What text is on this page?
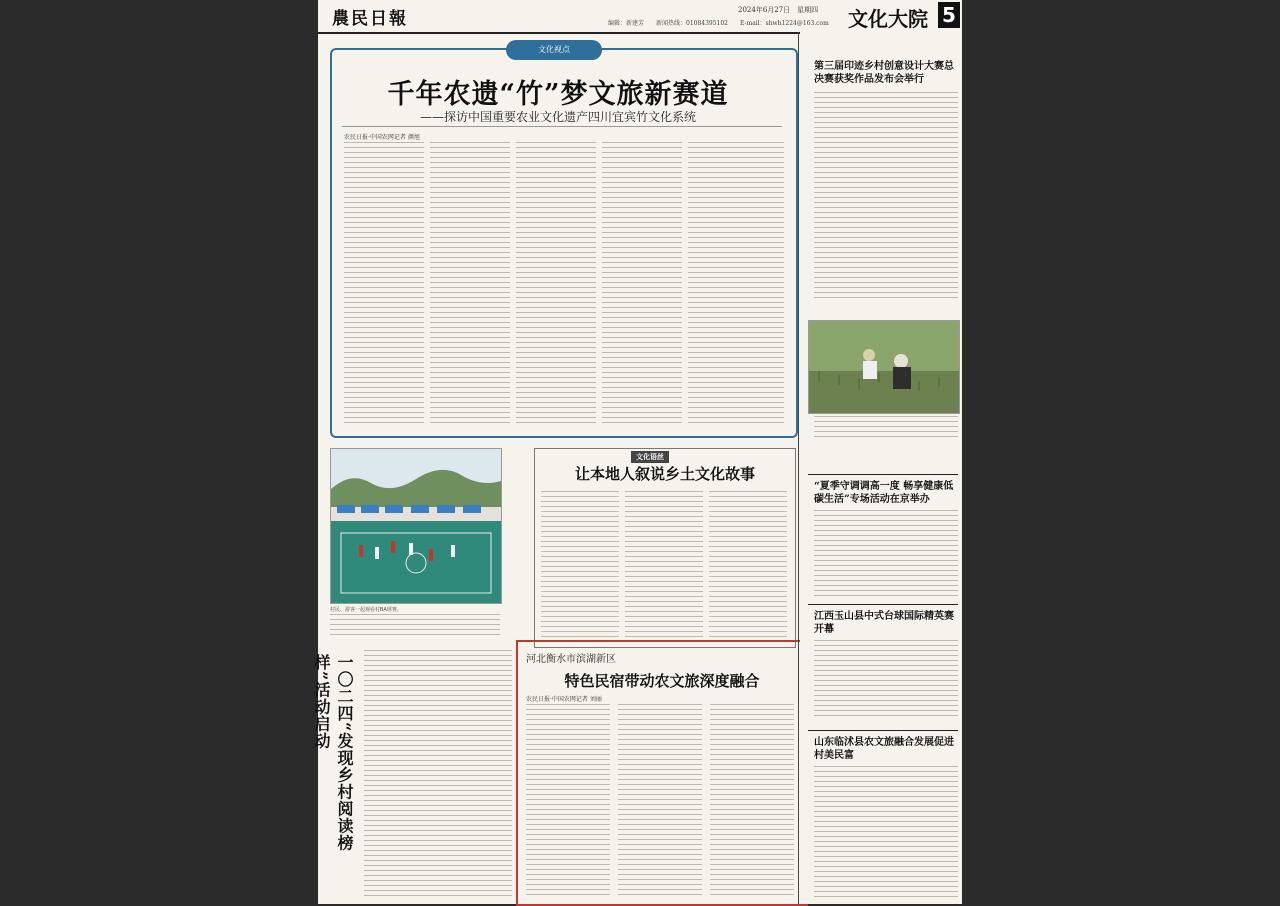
農民日報	2024年6月27日　星期四
编辑：新建芳　　新闻热线：01084395102　　E-mail：shwh1224@163.com 文化大院 5
文化视点
千年农遗“竹”梦文旅新赛道
——探访中国重要农业文化遗产四川宜宾竹文化系统
农民日报·中国农网记者 颜旭
村民、游客一起观看村BA球赛。
文化语丝
让本地人叙说乡土文化故事
一〇二四“发现乡村阅读榜样”活动启动	河北衡水市滨湖新区
特色民宿带动农文旅深度融合
农民日报·中国农网记者 刘丽
第三届印迹乡村创意设计大赛总决赛获奖作品发布会举行
“夏季守调调高一度 畅享健康低碳生活”专场活动在京举办
江西玉山县中式台球国际精英赛开幕
山东临沭县农文旅融合发展促进村美民富
